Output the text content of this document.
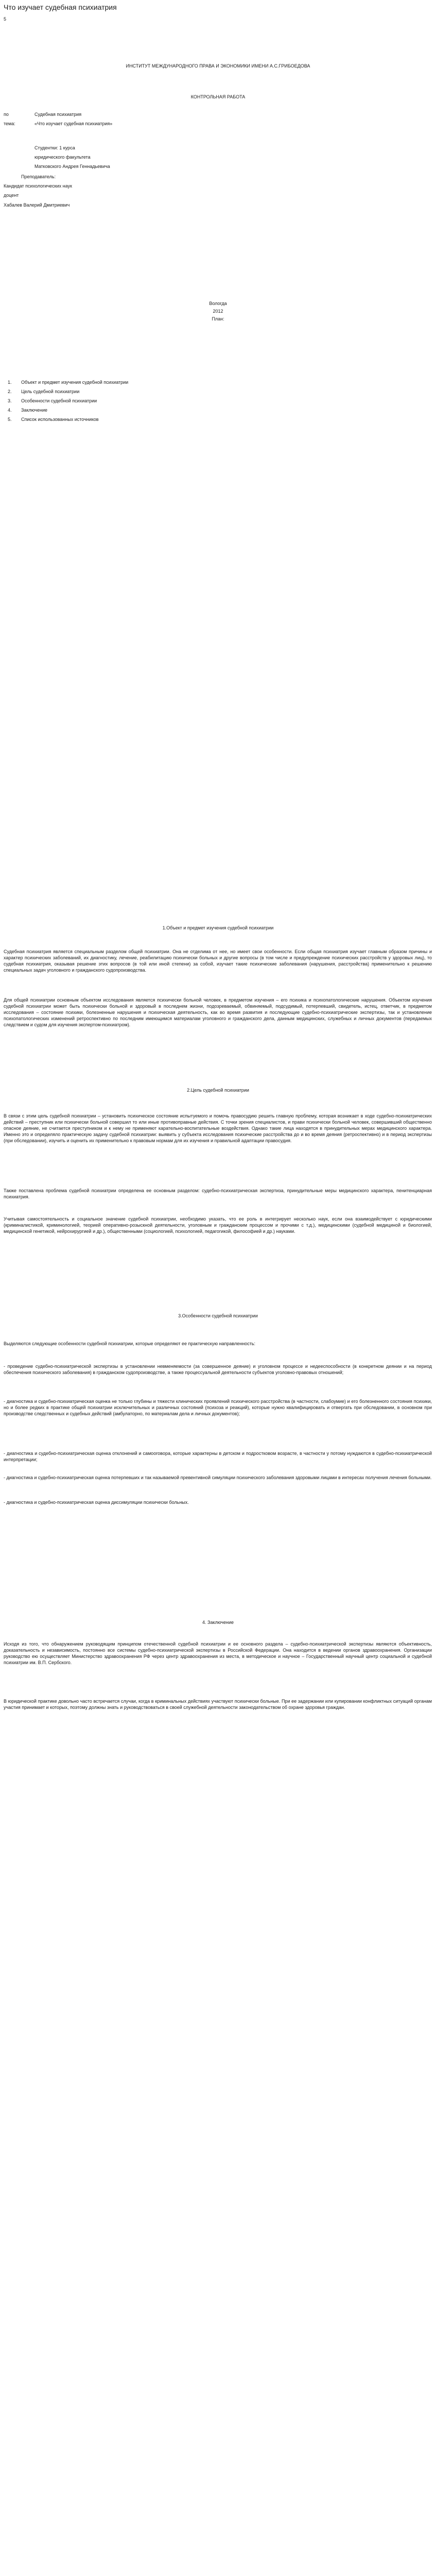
Что изучает судебная психиатрия
5
ИНСТИТУТ МЕЖДУНАРОДНОГО ПРАВА И ЭКОНОМИКИ ИМЕНИ А.С.ГРИБОЕДОВА
КОНТРОЛЬНАЯ РАБОТА
по	Судебная психиатрия
тема:	«Что изучает судебная психиатрия»
Студентки: 1 курса
юридического факультета
Матковского Андрея Геннадьевича
Преподаватель:
Кандидат психологических наук
доцент
Хабалев Валерий Дмитриевич
Вологда
2012
План:
1. Объект и предмет изучения судебной психиатрии
2. Цель судебной психиатрии
3. Особенности судебной психиатрии
4. Заключение
5. Список использованных источников
1.Объект и предмет изучения судебной психиатрии

Судебная психиатрия является специальным разделом общей психиатрии. Она не отделима от нее, но имеет свои особенности. Если общая психиатрия изучает главным образом причины и характер психических заболеваний, их диагностику, лечение, реабилитацию психически больных и другие вопросы (в том числе и предупреждение психических расстройств у здоровых лиц), то судебная психиатрия, оказывая решение этих вопросов (в той или иной степени) за собой, изучает такие психические заболевания (нарушения, расстройства) применительно к решению специальных задач уголовного и гражданского судопроизводства.

Для общей психиатрии основным объектом исследования является психически больной человек, в предметом изучения – его психика и психопатологические нарушения. Объектом изучения судебной психиатрии может быть психически больной и здоровый в последнем жизни, подозреваемый, обвиняемый, подсудимый, потерпевший, свидетель, истец, ответчик, в предметом исследования – состояние психики, болезненные нарушения и психическая деятельность, как во время развития и последующие судебно-психиатрические экспертизы, так и установление психопатологических изменений ретроспективно по последним имеющимся материалам уголовного и гражданского дела, данным медицинских, служебных и личных документов (передаемых следствием и судом для изучения экспертом-психиатром).

2.Цель судебной психиатрии

В связи с этим цель судебной психиатрии – установить психическое состояние испытуемого и помочь правосудию решить главную проблему, которая возникает в ходе судебно-психиатрических действий – преступник или психически больной совершил то или иные противоправные действия. С точки зрения специалистов, и прави психически больной человек, совершивший общественно опасное деяние, не считается преступником и к нему не применяют карательно-воспитательные воздействия. Однако такие лица находятся в принудительных мерах медицинского характера. Именно это и определяло практическую задачу судебной психиатрии: выявить у субъекта исследования психические расстройства до и во время деяния (ретроспективно) и в период экспертизы (при обследовании), изучить и оценить их применительно к правовым нормам для их изучения и правильной адаптации правосудия.

Также поставлена проблема судебной психиатрии определена ее основным разделом: судебно-психиатрическая экспертиза, принудительные меры медицинского характера, пенитенциарная психиатрия.

Учитывая самостоятельность и социальное значение судебной психиатрии, необходимо указать, что ее роль в интегрирует несколько наук, если она взаимодействует с юридическими (криминалистикой, криминологией, теорией оперативно-розыскной деятельности, уголовным и гражданским процессом и прочими с т.д.), медицинскими (судебной медициной и биологией, медицинской генетикой, нейрохирургией и др.), общественными (социологией, психологией, педагогикой, философией и др.) науками.

3.Особенности судебной психиатрии

Выделяются следующие особенности судебной психиатрии, которые определяют ее практическую направленность:

- проведение судебно-психиатрической экспертизы в установлении невменяемости (за совершенное деяние) и уголовном процессе и недееспособности (в конкретном деянии и на период обеспечения психического заболевания) в гражданском судопроизводстве, а также процессуальной деятельности субъектов уголовно-правовых отношений;

- диагностика и судебно-психиатрическая оценка не только глубины и тяжести клинических проявлений психического расстройства (в частности, слабоумие) и его болезненного состояния психики, но и более редких в практике общей психиатрии исключительных и различных состояний (психоза и реакций), которые нужно квалифицировать и отвергать при обследовании, в основном при производстве следственных и судебных действий (амбулаторно, по материалам дела и личных документов);

- диагностика и судебно-психиатрическая оценка отклонений и самооговора, которые характерны в детском и подростковом возрасте, в частности у потому нуждаются в судебно-психиатрической интерпретации;

- диагностика и судебно-психиатрическая оценка потерпевших и так называемой превентивной симуляции психического заболевания здоровыми лицами в интересах получения лечения больными.

- диагностика и судебно-психиатрическая оценка диссимуляции психически больных.

4. Заключение

Исходя из того, что обнаружением руководящим принципом отечественной судебной психиатрии и ее основного раздела – судебно-психиатрической экспертизы являются объективность, доказательность и независимость, постоянно все системы судебно-психиатрической экспертизы в Российской Федерации. Она находится в ведении органов здравоохранения. Организации руководство ею осуществляет Министерство здравоохранения РФ через центр здравоохранения из места, в методическое и научное – Государственный научный центр социальной и судебной психиатрии им. В.П. Сербского.

В юридической практике довольно часто встречается случаи, когда в криминальных действиях участвуют психически больные. При ее задержании или купировании конфликтных ситуаций органам участия принимает и которых, поэтому должны знать и руководствоваться в своей служебной деятельности законодательством об охране здоровья граждан.
